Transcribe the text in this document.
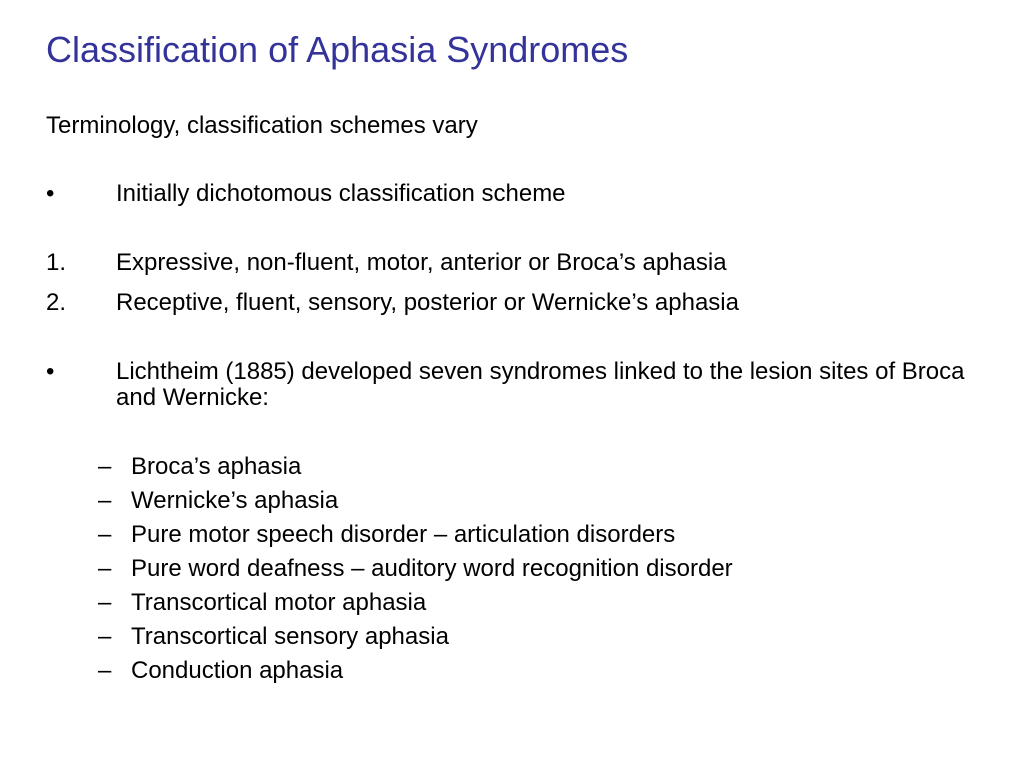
Classification of Aphasia Syndromes
Terminology, classification schemes vary
•	Initially dichotomous classification scheme
1. Expressive, non-fluent, motor, anterior or Broca’s aphasia
2. Receptive, fluent, sensory, posterior or Wernicke’s aphasia
•	Lichtheim (1885) developed seven syndromes linked to the lesion sites of Broca and Wernicke:
– Broca’s aphasia
– Wernicke’s aphasia
– Pure motor speech disorder – articulation disorders
– Pure word deafness – auditory word recognition disorder
– Transcortical motor aphasia
– Transcortical sensory aphasia
– Conduction aphasia
